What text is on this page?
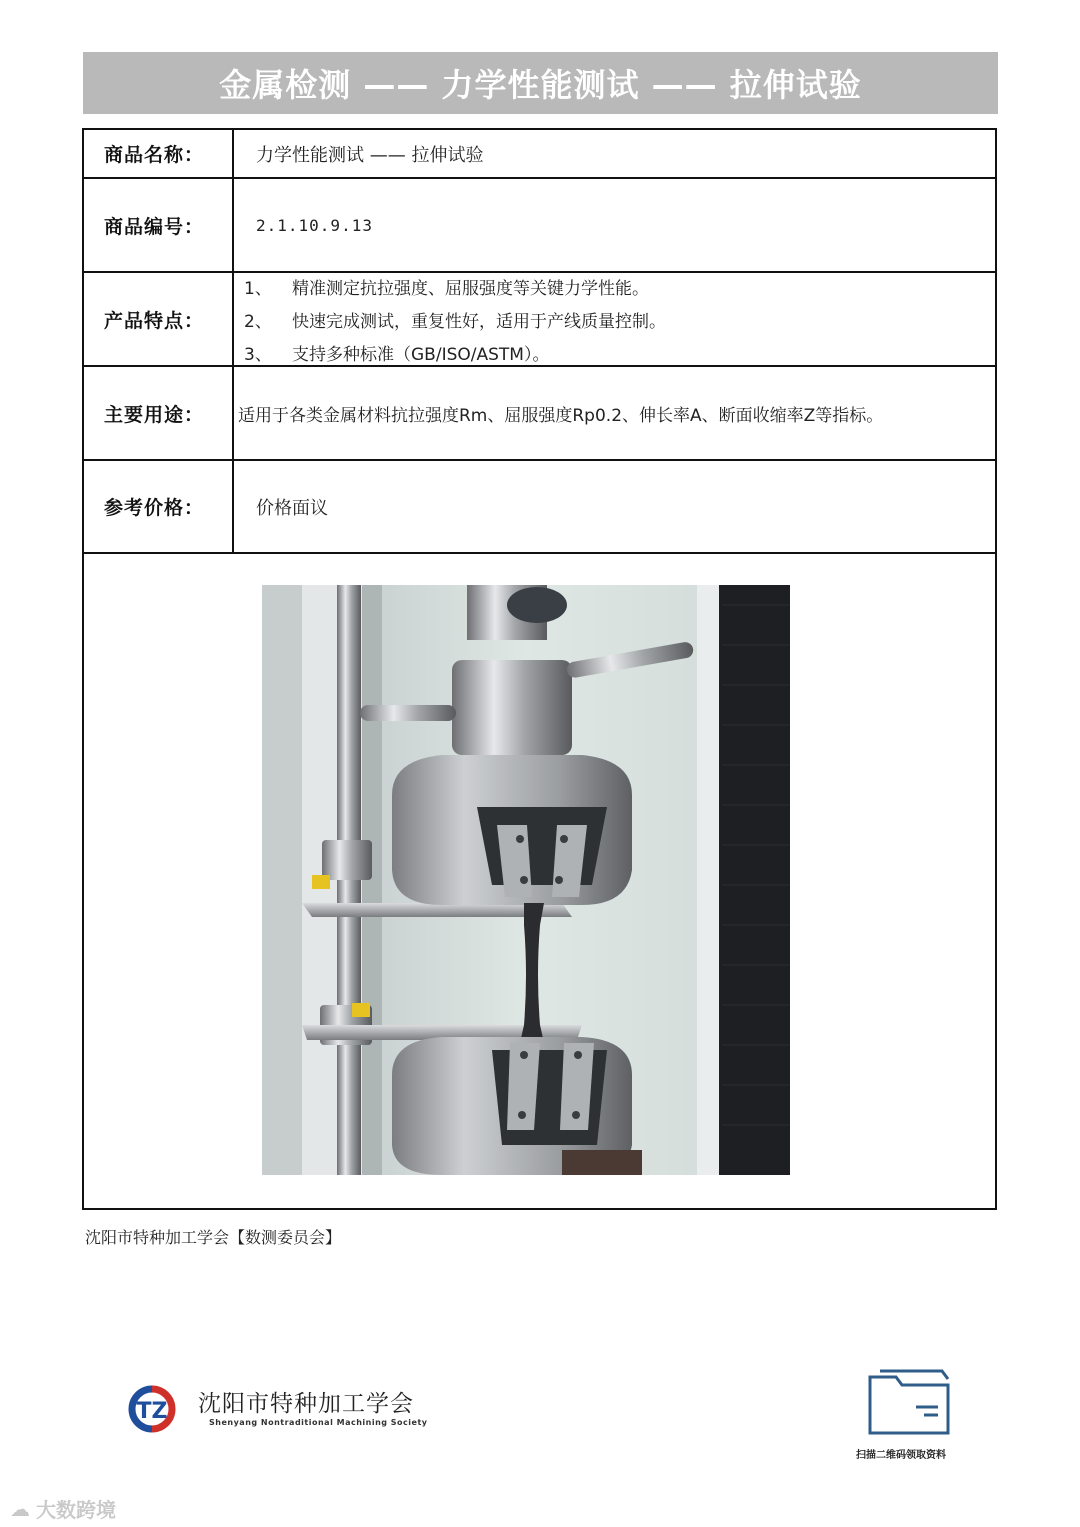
金属检测 —— 力学性能测试 —— 拉伸试验
商品名称：	力学性能测试 —— 拉伸试验
商品编号：	2.1.10.9.13
产品特点：
1、	精准测定抗拉强度、屈服强度等关键力学性能。
2、	快速完成测试，重复性好，适用于产线质量控制。
3、	支持多种标准（GB/ISO/ASTM）。
主要用途：	适用于各类金属材料抗拉强度Rm、屈服强度Rp0.2、伸长率A、断面收缩率Z等指标。
参考价格：	价格面议
沈阳市特种加工学会【数测委员会】
TZ 沈阳市特种加工学会
Shenyang Nontraditional Machining Society
扫描二维码领取资料
☁ 大数跨境
